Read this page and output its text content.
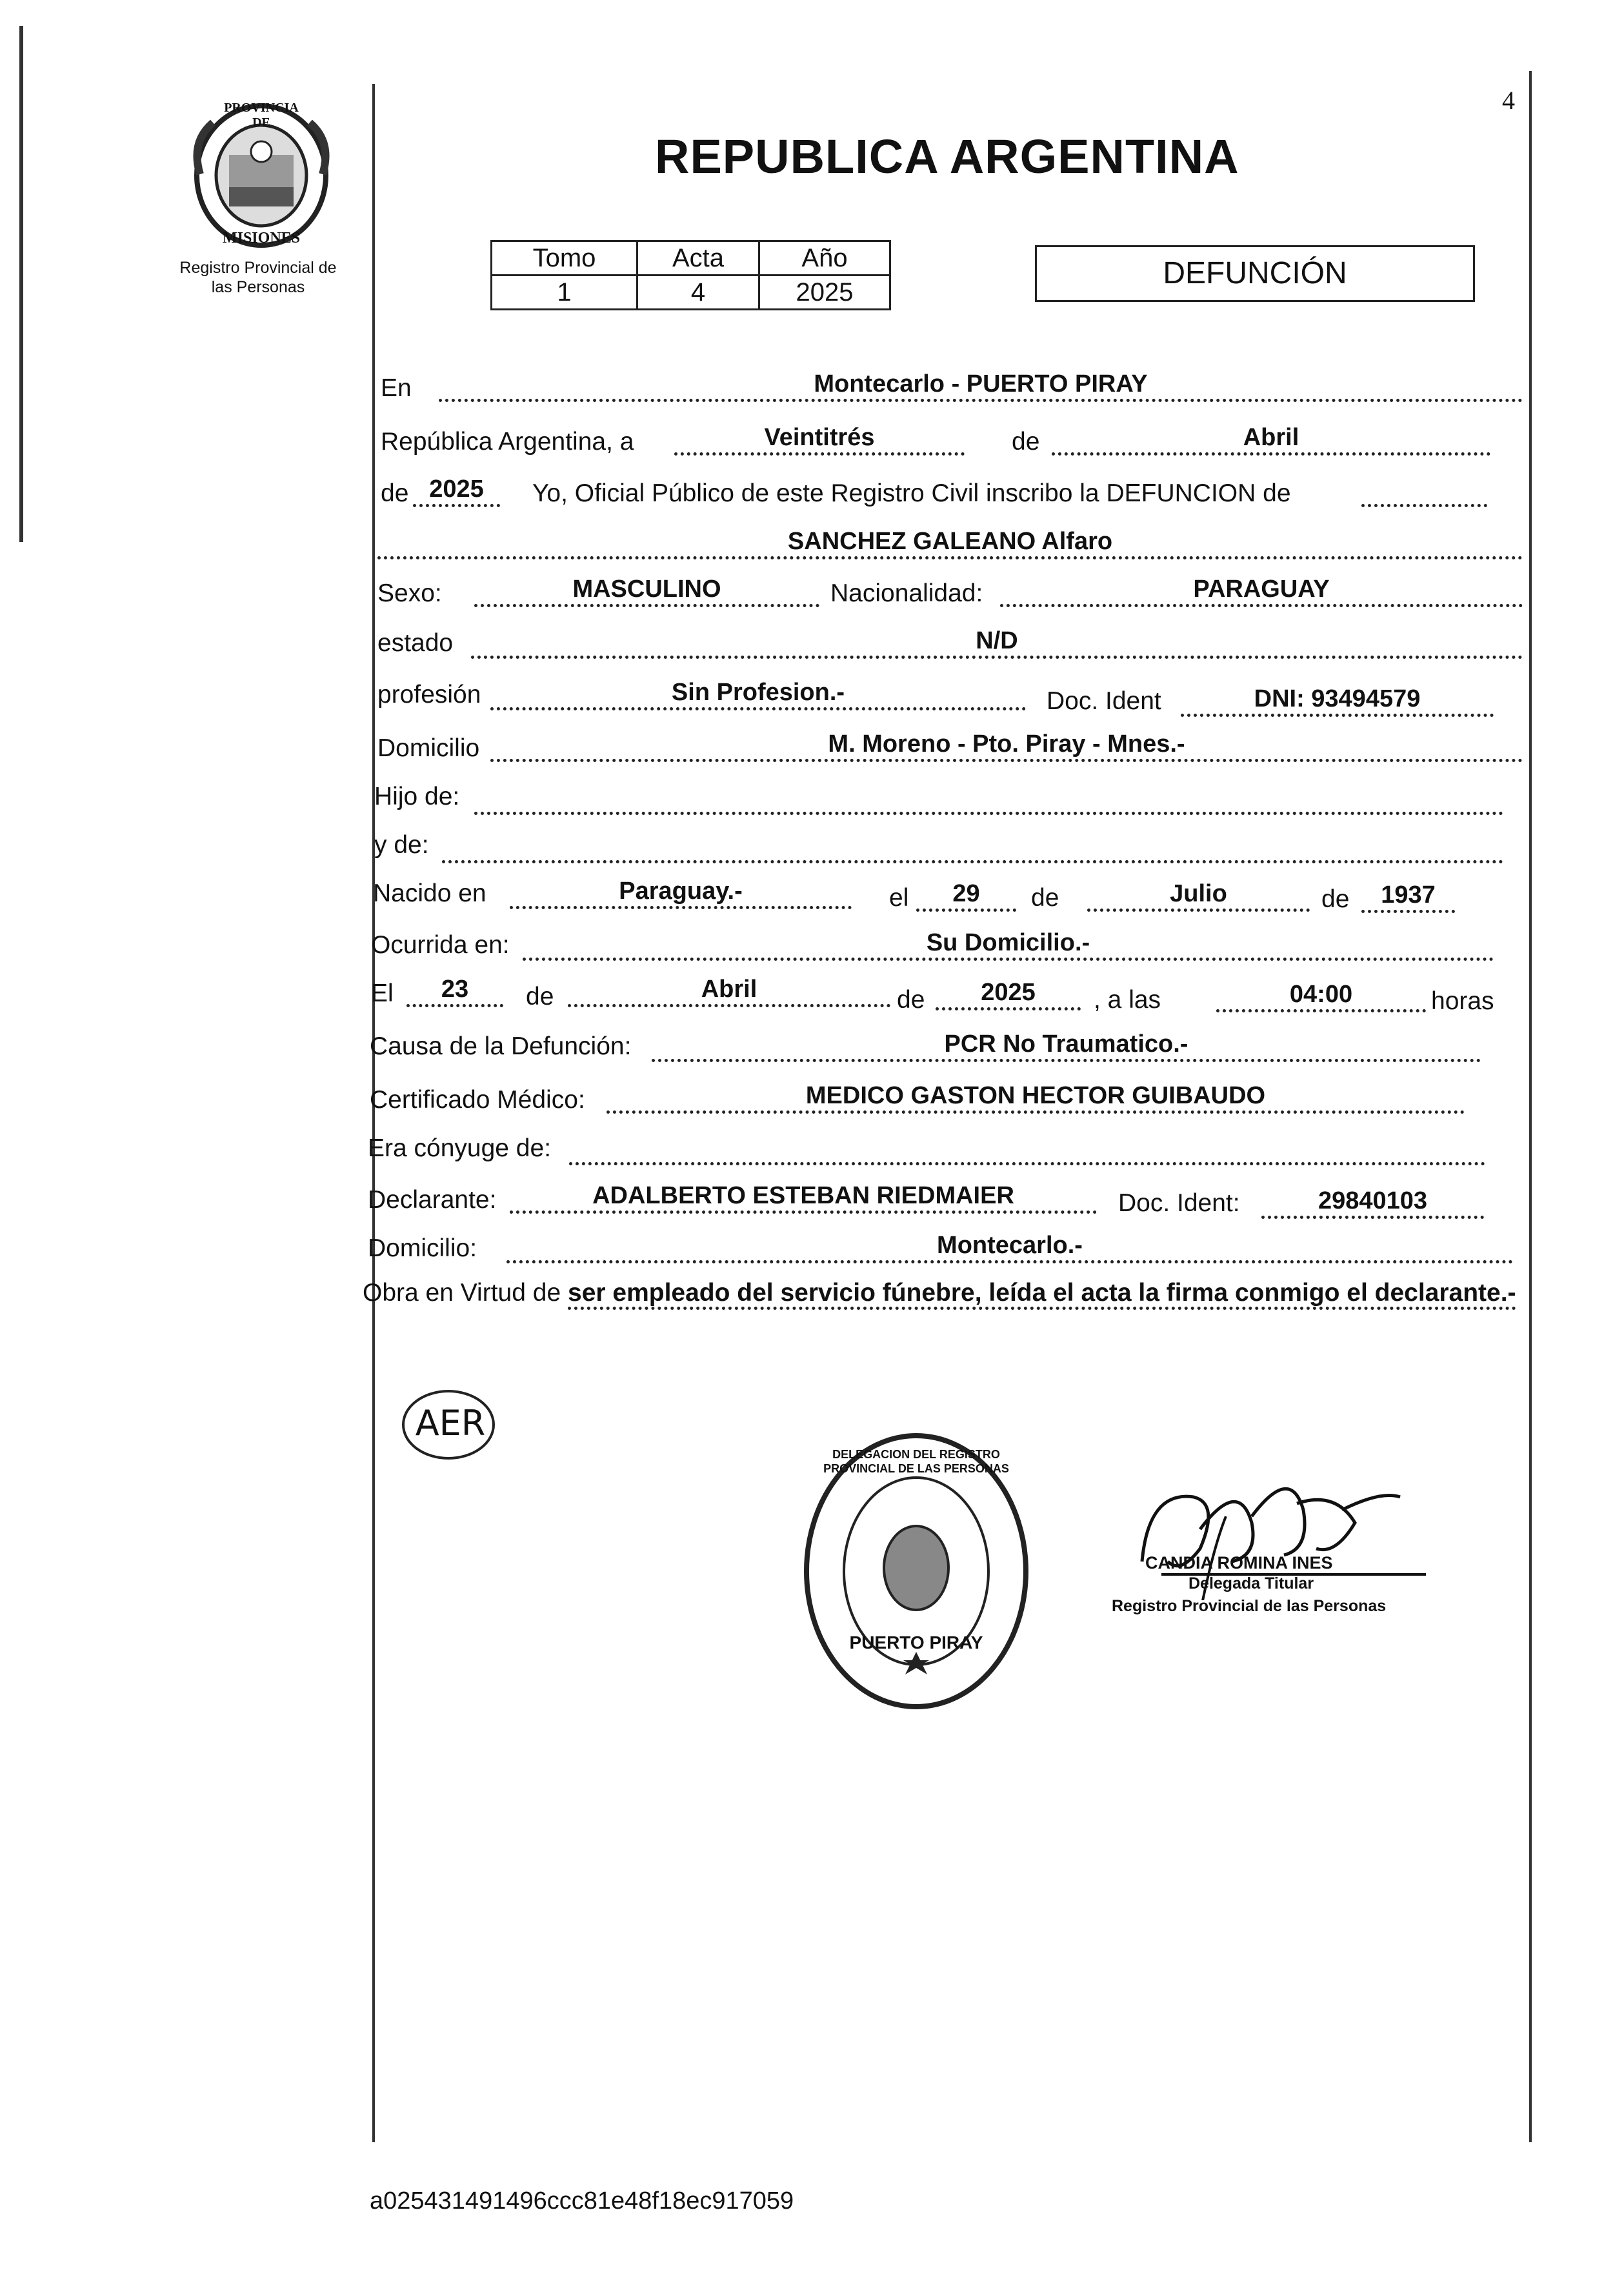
PROVINCIA DE
MISIONES
Registro Provincial de
las Personas
REPUBLICA ARGENTINA
4
Tomo	Acta	Año
1	4	2025
DEFUNCIÓN
En	Montecarlo - PUERTO PIRAY
República Argentina, a	Veintitrés	de	Abril
de 2025	Yo, Oficial Público de este Registro Civil inscribo la DEFUNCION de
SANCHEZ GALEANO Alfaro
Sexo:	MASCULINO	Nacionalidad:	PARAGUAY
estado	N/D
profesión	Sin Profesion.-	Doc. Ident	DNI: 93494579
Domicilio	M. Moreno - Pto. Piray - Mnes.-
Hijo de:
y de:
Nacido en	Paraguay.-	el	29	de	Julio	de	1937
Ocurrida en:	Su Domicilio.-
El	23	de	Abril	de	2025	, a las	04:00	horas
Causa de la Defunción:	PCR No Traumatico.-
Certificado Médico:	MEDICO GASTON HECTOR GUIBAUDO
Era cónyuge de:
Declarante:	ADALBERTO ESTEBAN RIEDMAIER	Doc. Ident:	29840103
Domicilio:	Montecarlo.-
Obra en Virtud de ser empleado del servicio fúnebre, leída el acta la firma conmigo el declarante.-
AER
DELEGACION DEL REGISTRO PROVINCIAL DE LAS PERSONAS
PUERTO PIRAY
CANDIA ROMINA INES
Delegada Titular
Registro Provincial de las Personas
a025431491496ccc81e48f18ec917059
